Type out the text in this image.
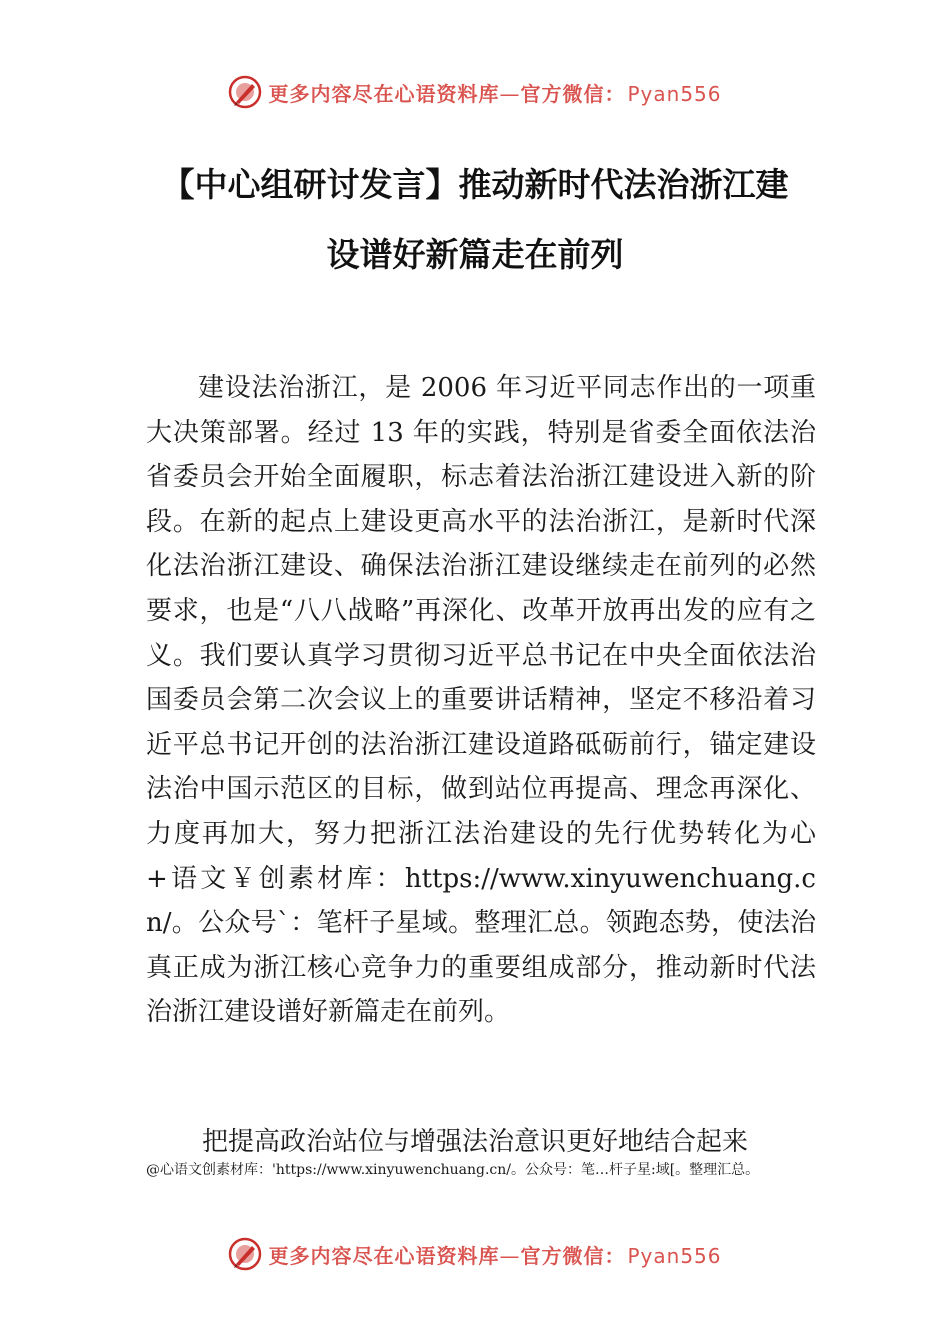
更多内容尽在心语资料库—官方微信： Pyan556
【中心组研讨发言】推动新时代法治浙江建
设谱好新篇走在前列
建设法治浙江，是 2006 年习近平同志作出的一项重大决策部署。经过 13 年的实践，特别是省委全面依法治省委员会开始全面履职，标志着法治浙江建设进入新的阶段。在新的起点上建设更高水平的法治浙江，是新时代深化法治浙江建设、确保法治浙江建设继续走在前列的必然要求，也是“八八战略”再深化、改革开放再出发的应有之义。我们要认真学习贯彻习近平总书记在中央全面依法治国委员会第二次会议上的重要讲话精神，坚定不移沿着习近平总书记开创的法治浙江建设道路砥砺前行，锚定建设法治中国示范区的目标，做到站位再提高、理念再深化、力度再加大，努力把浙江法治建设的先行优势转化为心+语文￥创素材库：https://www.xinyuwenchuang.cn/。公众号`：笔杆子星域。整理汇总。领跑态势，使法治真正成为浙江核心竞争力的重要组成部分，推动新时代法治浙江建设谱好新篇走在前列。
把提高政治站位与增强法治意识更好地结合起来
@心语文创素材库：'https://www.xinyuwenchuang.cn/。公众号：笔…杆子星:域[。整理汇总。
更多内容尽在心语资料库—官方微信： Pyan556
